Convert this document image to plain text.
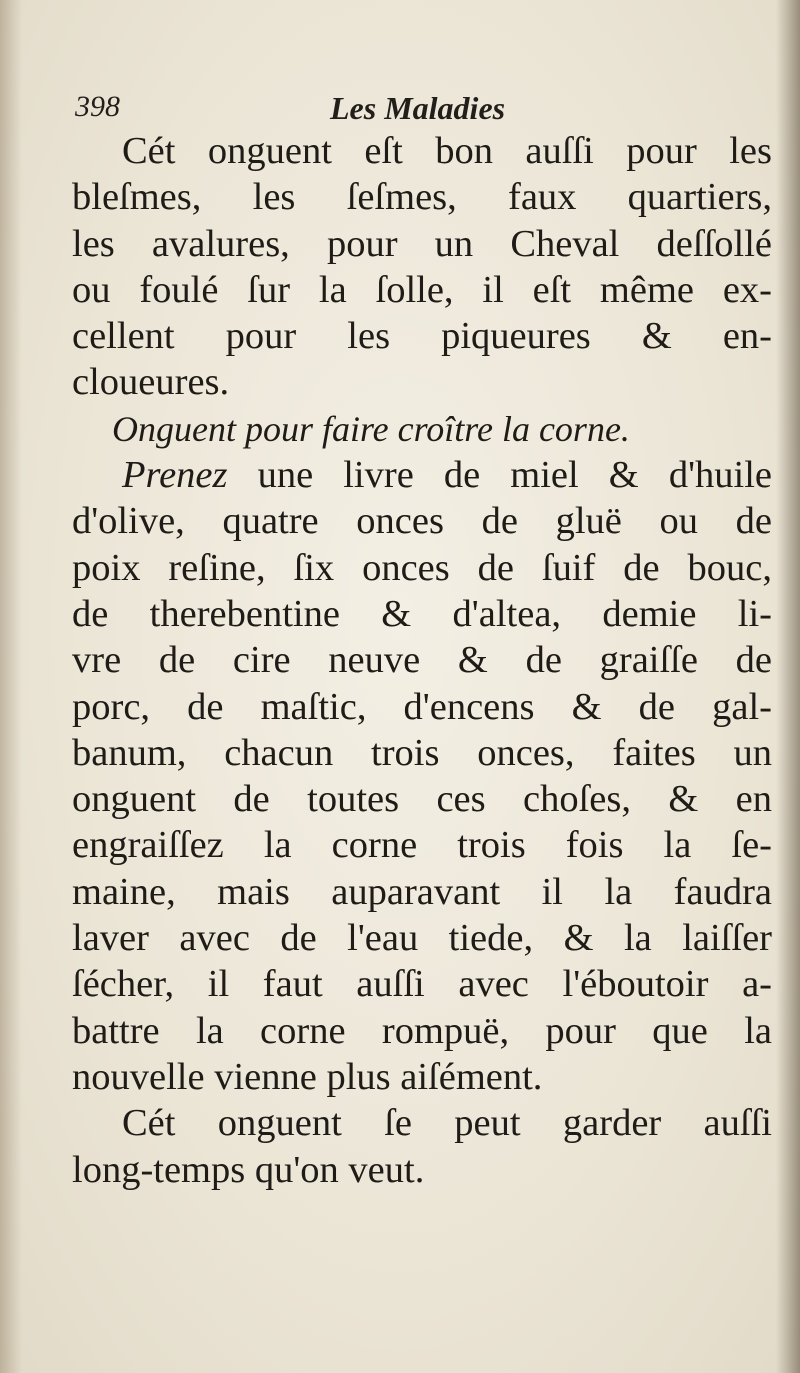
398	Les Maladies
Cét onguent eſt bon auſſi pour les
bleſmes, les ſeſmes, faux quartiers,
les avalures, pour un Cheval deſſollé
ou foulé ſur la ſolle, il eſt même ex-
cellent pour les piqueures & en-
cloueures.
Onguent pour faire croître la corne.
Prenez une livre de miel & d'huile
d'olive, quatre onces de gluë ou de
poix reſine, ſix onces de ſuif de bouc,
de therebentine & d'altea, demie li-
vre de cire neuve & de graiſſe de
porc, de maſtic, d'encens & de gal-
banum, chacun trois onces, faites un
onguent de toutes ces choſes, & en
engraiſſez la corne trois fois la ſe-
maine, mais auparavant il la faudra
laver avec de l'eau tiede, & la laiſſer
ſécher, il faut auſſi avec l'éboutoir a-
battre la corne rompuë, pour que la
nouvelle vienne plus aiſément.
Cét onguent ſe peut garder auſſi
long-temps qu'on veut.
